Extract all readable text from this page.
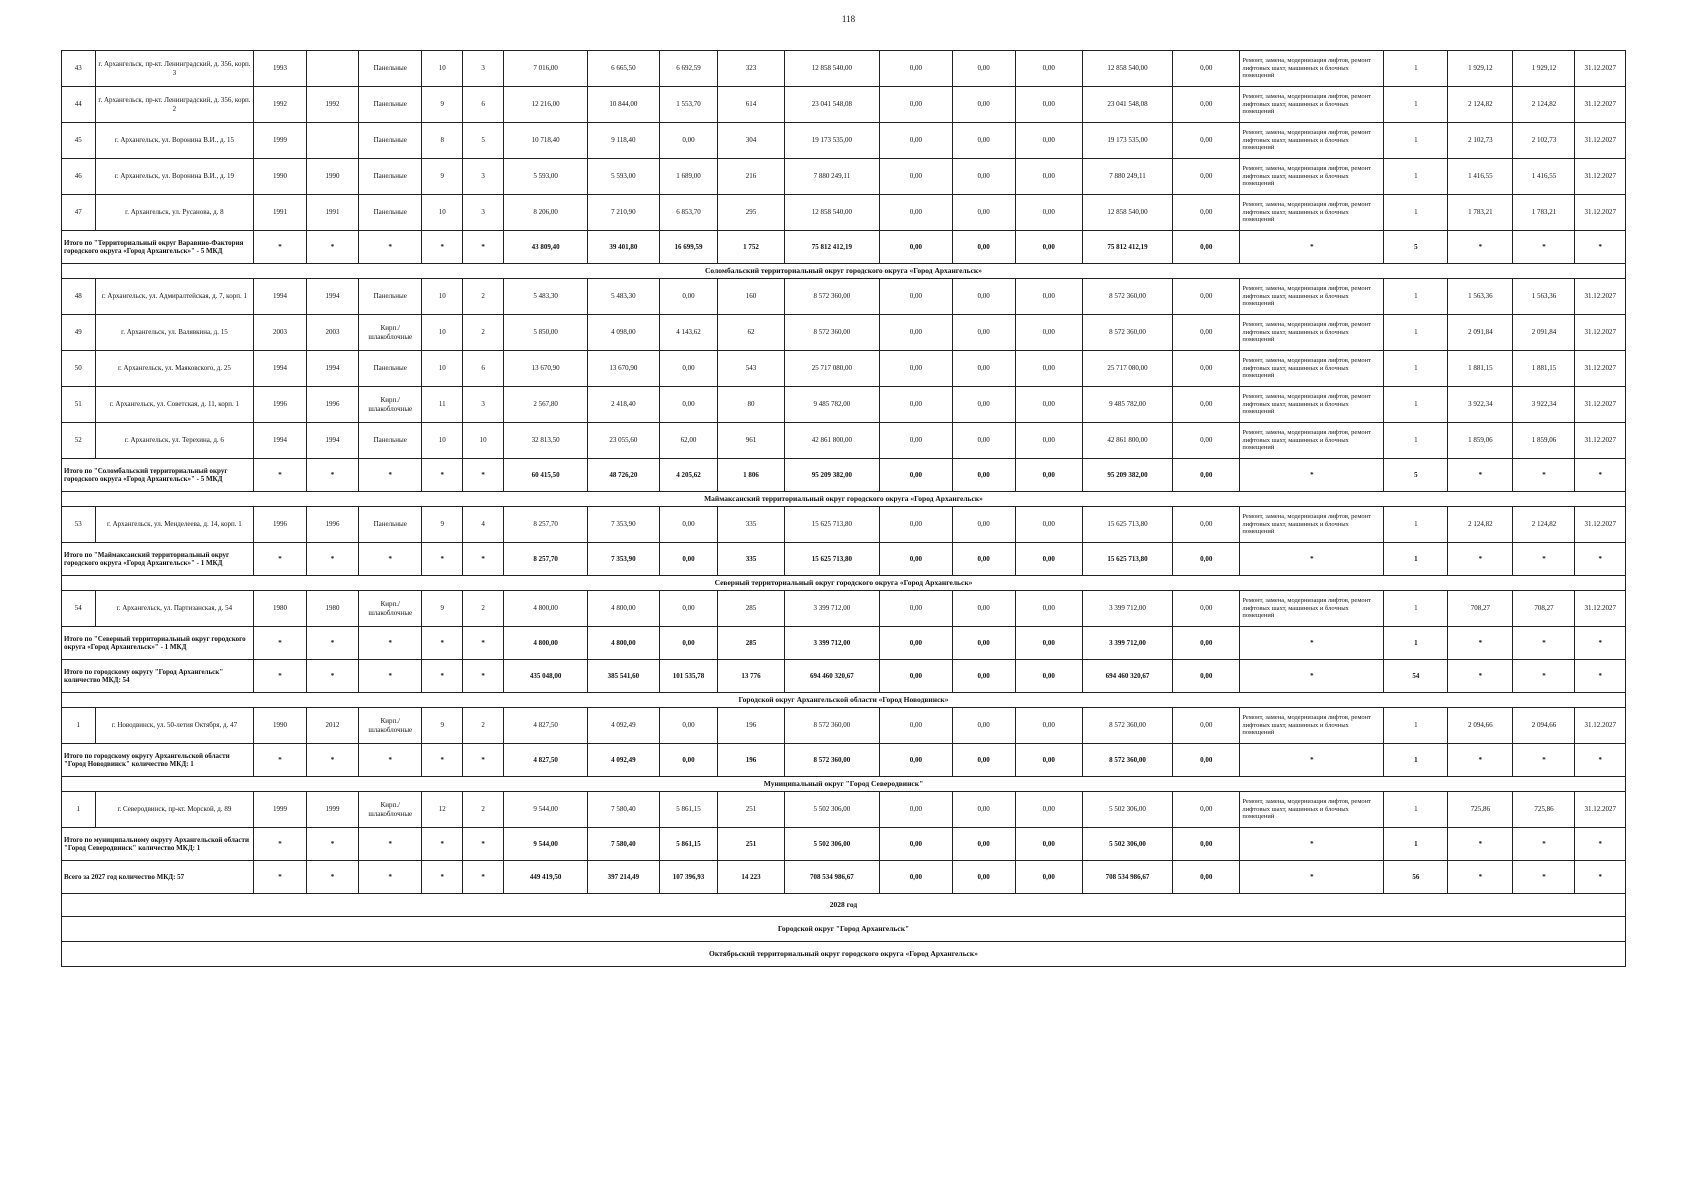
118
43	г. Архангельск, пр-кт. Ленинградский, д. 356, корп. 3	1993		Панельные	10	3	7 016,00	6 665,50	6 692,59	323	12 858 540,00	0,00	0,00	0,00	12 858 540,00	0,00	Ремонт, замена, модернизация лифтов, ремонт лифтовых шахт, машинных и блочных помещений	1	1 929,12	1 929,12	31.12.2027
44	г. Архангельск, пр-кт. Ленинградский, д. 356, корп. 2	1992	1992	Панельные	9	6	12 216,00	10 844,00	1 553,70	614	23 041 548,08	0,00	0,00	0,00	23 041 548,08	0,00	Ремонт, замена, модернизация лифтов, ремонт лифтовых шахт, машинных и блочных помещений	1	2 124,82	2 124,82	31.12.2027
45	г. Архангельск, ул. Воронина В.И., д. 15	1999		Панельные	8	5	10 718,40	9 118,40	0,00	304	19 173 535,00	0,00	0,00	0,00	19 173 535,00	0,00	Ремонт, замена, модернизация лифтов, ремонт лифтовых шахт, машинных и блочных помещений	1	2 102,73	2 102,73	31.12.2027
46	г. Архангельск, ул. Воронина В.И., д. 19	1990	1990	Панельные	9	3	5 593,00	5 593,00	1 689,00	216	7 880 249,11	0,00	0,00	0,00	7 880 249,11	0,00	Ремонт, замена, модернизация лифтов, ремонт лифтовых шахт, машинных и блочных помещений	1	1 416,55	1 416,55	31.12.2027
47	г. Архангельск, ул. Русанова, д. 8	1991	1991	Панельные	10	3	8 206,00	7 210,90	6 853,70	295	12 858 540,00	0,00	0,00	0,00	12 858 540,00	0,00	Ремонт, замена, модернизация лифтов, ремонт лифтовых шахт, машинных и блочных помещений	1	1 783,21	1 783,21	31.12.2027
Итого по "Территориальный округ Варавино-Фактория городского округа «Город Архангельск»" - 5 МКД		*	*	*	*	*	43 809,40	39 401,80	16 699,59	1 752	75 812 412,19	0,00	0,00	0,00	75 812 412,19	0,00	*	5	*	*	*
Соломбальский территориальный округ городского округа «Город Архангельск»																					
48	г. Архангельск, ул. Адмиралтейская, д. 7, корп. 1	1994	1994	Панельные	10	2	5 483,30	5 483,30	0,00	160	8 572 360,00	0,00	0,00	0,00	8 572 360,00	0,00	Ремонт, замена, модернизация лифтов, ремонт лифтовых шахт, машинных и блочных помещений	1	1 563,36	1 563,36	31.12.2027
49	г. Архангельск, ул. Валявкина, д. 15	2003	2003	Кирп./шлакоблочные	10	2	5 850,00	4 098,00	4 143,62	62	8 572 360,00	0,00	0,00	0,00	8 572 360,00	0,00	Ремонт, замена, модернизация лифтов, ремонт лифтовых шахт, машинных и блочных помещений	1	2 091,84	2 091,84	31.12.2027
50	г. Архангельск, ул. Маяковского, д. 25	1994	1994	Панельные	10	6	13 670,90	13 670,90	0,00	543	25 717 080,00	0,00	0,00	0,00	25 717 080,00	0,00	Ремонт, замена, модернизация лифтов, ремонт лифтовых шахт, машинных и блочных помещений	1	1 881,15	1 881,15	31.12.2027
51	г. Архангельск, ул. Советская, д. 11, корп. 1	1996	1996	Кирп./шлакоблочные	11	3	2 567,80	2 418,40	0,00	80	9 485 782,00	0,00	0,00	0,00	9 485 782,00	0,00	Ремонт, замена, модернизация лифтов, ремонт лифтовых шахт, машинных и блочных помещений	1	3 922,34	3 922,34	31.12.2027
52	г. Архангельск, ул. Терехина, д. 6	1994	1994	Панельные	10	10	32 813,50	23 055,60	62,00	961	42 861 800,00	0,00	0,00	0,00	42 861 800,00	0,00	Ремонт, замена, модернизация лифтов, ремонт лифтовых шахт, машинных и блочных помещений	1	1 859,06	1 859,06	31.12.2027
Итого по "Соломбальский территориальный округ городского округа «Город Архангельск»" - 5 МКД		*	*	*	*	*	60 415,50	48 726,20	4 205,62	1 806	95 209 382,00	0,00	0,00	0,00	95 209 382,00	0,00	*	5	*	*	*
Маймаксанский территориальный округ городского округа «Город Архангельск»																					
53	г. Архангельск, ул. Менделеева, д. 14, корп. 1	1996	1996	Панельные	9	4	8 257,70	7 353,90	0,00	335	15 625 713,80	0,00	0,00	0,00	15 625 713,80	0,00	Ремонт, замена, модернизация лифтов, ремонт лифтовых шахт, машинных и блочных помещений	1	2 124,82	2 124,82	31.12.2027
Итого по "Маймаксанский территориальный округ городского округа «Город Архангельск»" - 1 МКД		*	*	*	*	*	8 257,70	7 353,90	0,00	335	15 625 713,80	0,00	0,00	0,00	15 625 713,80	0,00	*	1	*	*	*
Северный территориальный округ городского округа «Город Архангельск»																					
54	г. Архангельск, ул. Партизанская, д. 54	1980	1980	Кирп./шлакоблочные	9	2	4 800,00	4 800,00	0,00	285	3 399 712,00	0,00	0,00	0,00	3 399 712,00	0,00	Ремонт, замена, модернизация лифтов, ремонт лифтовых шахт, машинных и блочных помещений	1	708,27	708,27	31.12.2027
Итого по "Северный территориальный округ городского округа «Город Архангельск»" - 1 МКД		*	*	*	*	*	4 800,00	4 800,00	0,00	285	3 399 712,00	0,00	0,00	0,00	3 399 712,00	0,00	*	1	*	*	*
Итого по городскому округу "Город Архангельск" количество МКД: 54		*	*	*	*	*	435 048,00	385 541,60	101 535,78	13 776	694 460 320,67	0,00	0,00	0,00	694 460 320,67	0,00	*	54	*	*	*
Городской округ Архангельской области «Город Новодвинск»																					
1	г. Новодвинск, ул. 50-летия Октября, д. 47	1990	2012	Кирп./шлакоблочные	9	2	4 827,50	4 092,49	0,00	196	8 572 360,00	0,00	0,00	0,00	8 572 360,00	0,00	Ремонт, замена, модернизация лифтов, ремонт лифтовых шахт, машинных и блочных помещений	1	2 094,66	2 094,66	31.12.2027
Итого по городскому округу Архангельской области "Город Новодвинск" количество МКД: 1		*	*	*	*	*	4 827,50	4 092,49	0,00	196	8 572 360,00	0,00	0,00	0,00	8 572 360,00	0,00	*	1	*	*	*
Муниципальный округ "Город Северодвинск"																					
1	г. Северодвинск, пр-кт. Морской, д. 89	1999	1999	Кирп./шлакоблочные	12	2	9 544,00	7 580,40	5 861,15	251	5 502 306,00	0,00	0,00	0,00	5 502 306,00	0,00	Ремонт, замена, модернизация лифтов, ремонт лифтовых шахт, машинных и блочных помещений	1	725,86	725,86	31.12.2027
Итого по муниципальному округу Архангельской области "Город Северодвинск" количество МКД: 1		*	*	*	*	*	9 544,00	7 580,40	5 861,15	251	5 502 306,00	0,00	0,00	0,00	5 502 306,00	0,00	*	1	*	*	*
Всего за 2027 год количество МКД: 57		*	*	*	*	*	449 419,50	397 214,49	107 396,93	14 223	708 534 986,67	0,00	0,00	0,00	708 534 986,67	0,00	*	56	*	*	*
2028 год																					
Городской округ "Город Архангельск"																					
Октябрьский территориальный округ городского округа «Город Архангельск»																					
